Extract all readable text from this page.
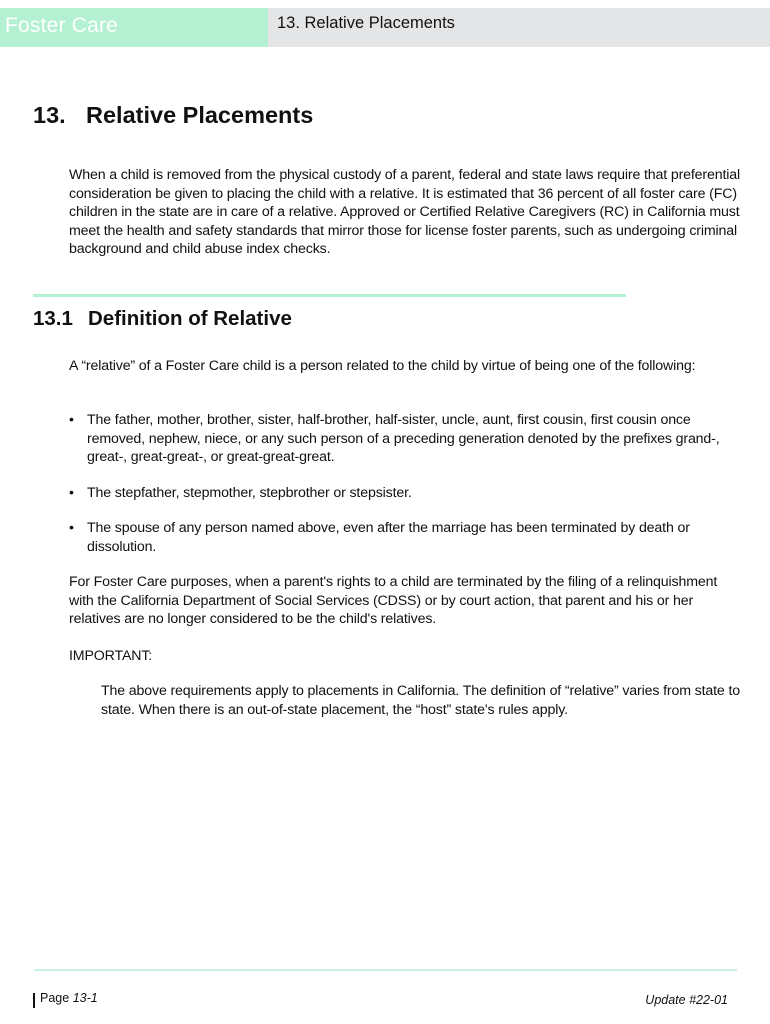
Foster Care	13. Relative Placements
13. Relative Placements

When a child is removed from the physical custody of a parent, federal and state laws require that preferential consideration be given to placing the child with a relative. It is estimated that 36 percent of all foster care (FC) children in the state are in care of a relative. Approved or Certified Relative Caregivers (RC) in California must meet the health and safety standards that mirror those for license foster parents, such as undergoing criminal background and child abuse index checks.

13.1 Definition of Relative

A “relative” of a Foster Care child is a person related to the child by virtue of being one of the following:

• The father, mother, brother, sister, half-brother, half-sister, uncle, aunt, first cousin, first cousin once removed, nephew, niece, or any such person of a preceding generation denoted by the prefixes grand-, great-, great-great-, or great-great-great.
• The stepfather, stepmother, stepbrother or stepsister.
• The spouse of any person named above, even after the marriage has been terminated by death or dissolution.

For Foster Care purposes, when a parent's rights to a child are terminated by the filing of a relinquishment with the California Department of Social Services (CDSS) or by court action, that parent and his or her relatives are no longer considered to be the child's relatives.

IMPORTANT:

The above requirements apply to placements in California. The definition of “relative” varies from state to state. When there is an out-of-state placement, the “host” state's rules apply.

Page 13-1	Update #22-01
